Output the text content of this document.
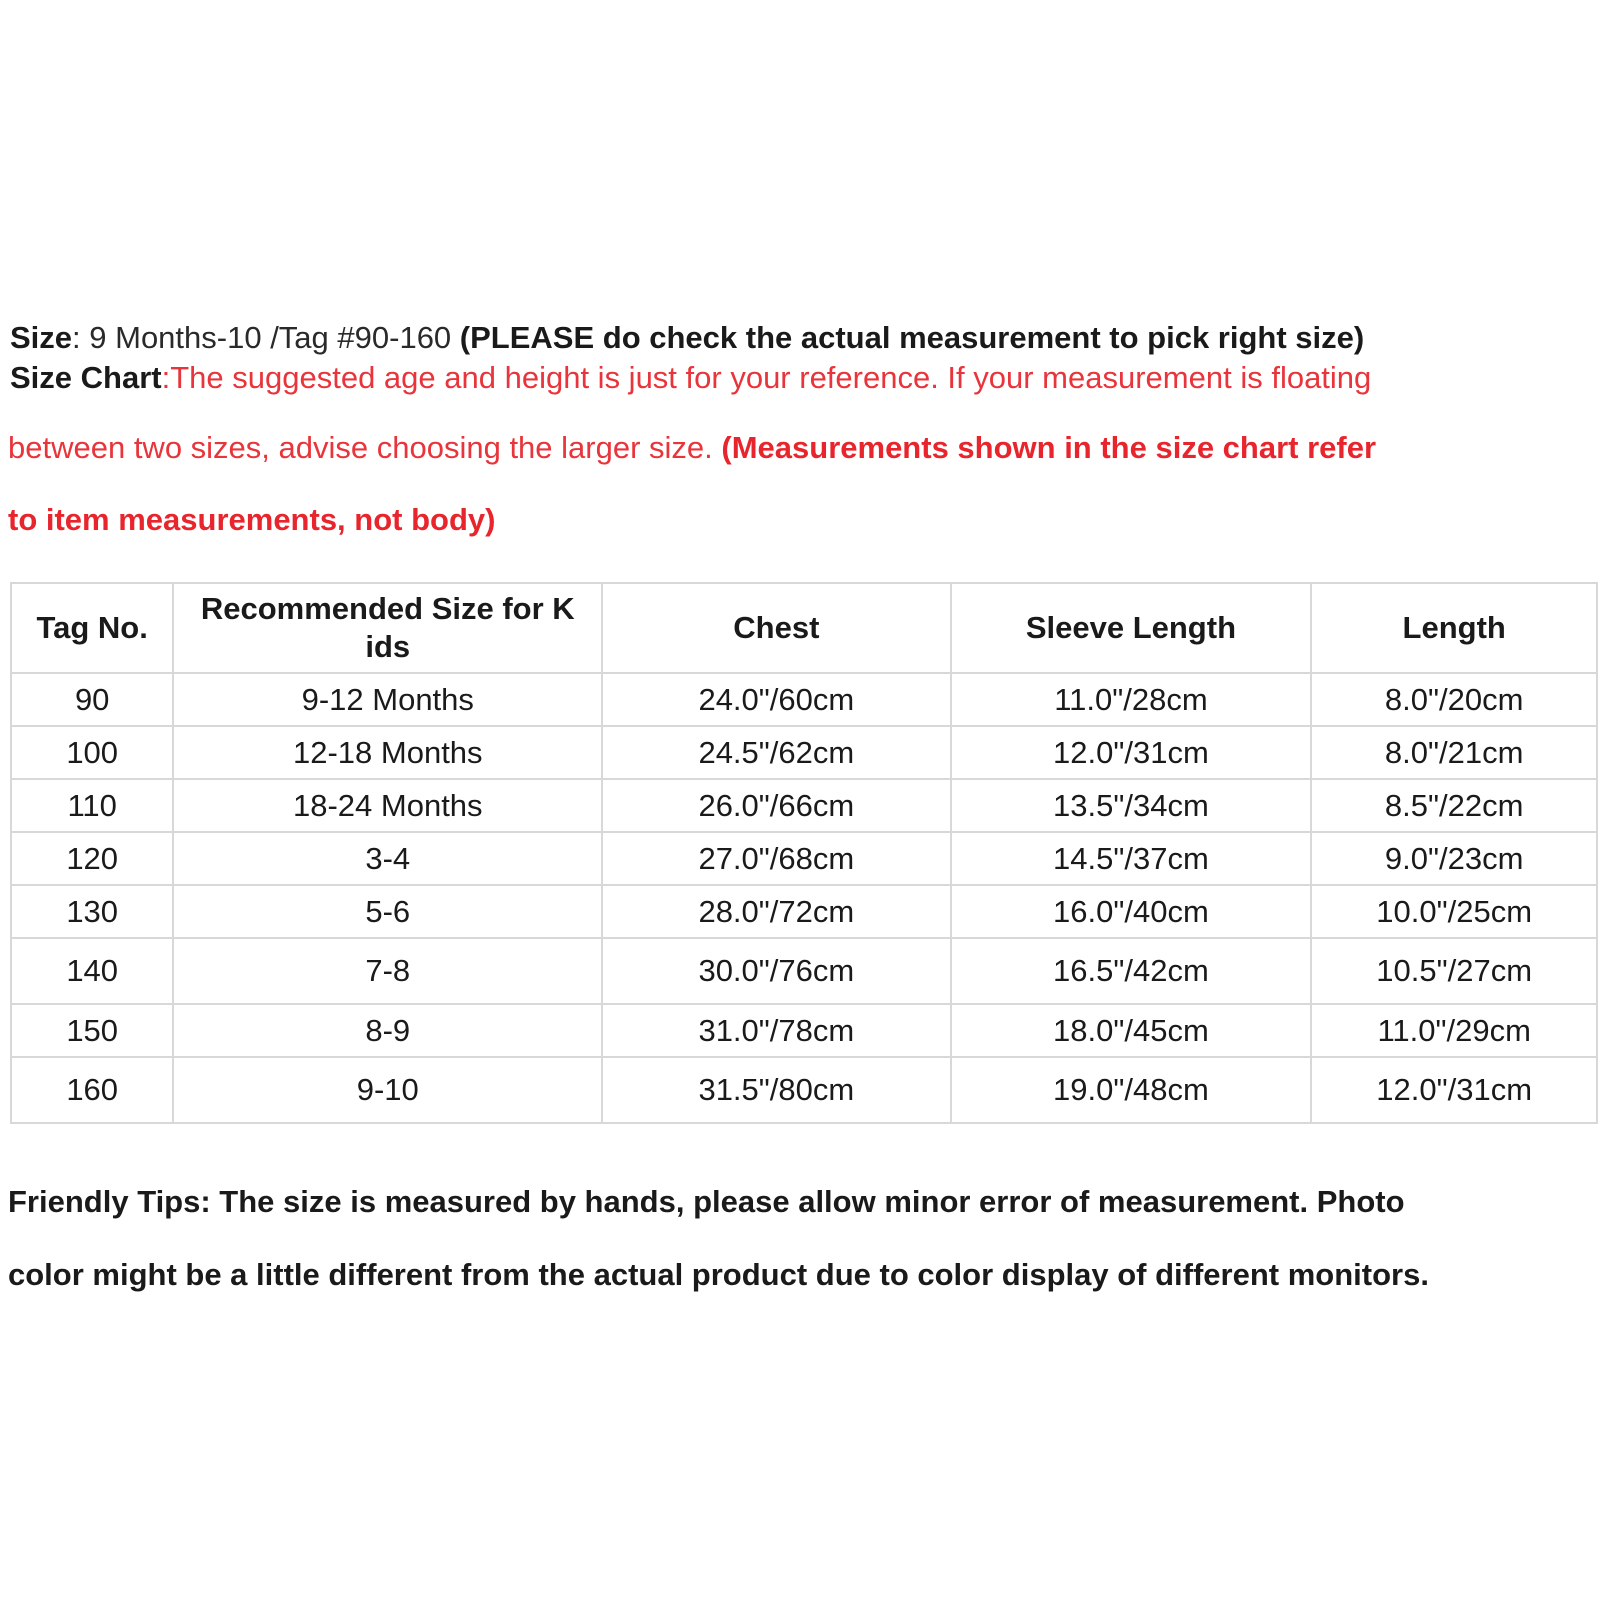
Size: 9 Months-10 /Tag #90-160 (PLEASE do check the actual measurement to pick right size)
Size Chart:The suggested age and height is just for your reference. If your measurement is floating
between two sizes, advise choosing the larger size. (Measurements shown in the size chart refer
to item measurements, not body)
Tag No.	Recommended Size for K ids	Chest	Sleeve Length	Length
90	9-12 Months	24.0"/60cm	11.0"/28cm	8.0"/20cm
100	12-18 Months	24.5"/62cm	12.0"/31cm	8.0"/21cm
110	18-24 Months	26.0"/66cm	13.5"/34cm	8.5"/22cm
120	3-4	27.0"/68cm	14.5"/37cm	9.0"/23cm
130	5-6	28.0"/72cm	16.0"/40cm	10.0"/25cm
140	7-8	30.0"/76cm	16.5"/42cm	10.5"/27cm
150	8-9	31.0"/78cm	18.0"/45cm	11.0"/29cm
160	9-10	31.5"/80cm	19.0"/48cm	12.0"/31cm
Friendly Tips: The size is measured by hands, please allow minor error of measurement. Photo
color might be a little different from the actual product due to color display of different monitors.
